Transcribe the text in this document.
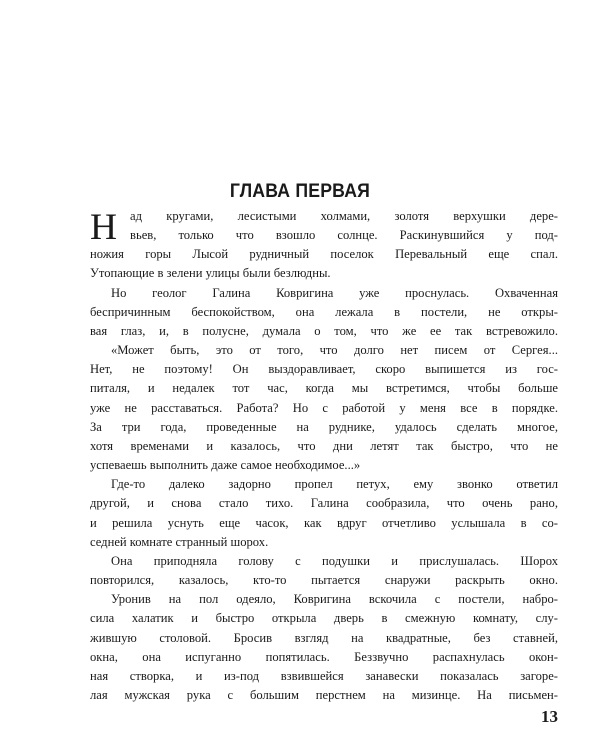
ГЛАВА ПЕРВАЯ
Н ад кругами, лесистыми холмами, золотя верхушки дере-
вьев, только что взошло солнце. Раскинувшийся у под-
ножия горы Лысой рудничный поселок Перевальный еще спал.
Утопающие в зелени улицы были безлюдны.
Но геолог Галина Ковригина уже проснулась. Охваченная
беспричинным беспокойством, она лежала в постели, не откры-
вая глаз, и, в полусне, думала о том, что же ее так встревожило.
«Может быть, это от того, что долго нет писем от Сергея...
Нет, не поэтому! Он выздоравливает, скоро выпишется из гос-
питаля, и недалек тот час, когда мы встретимся, чтобы больше
уже не расставаться. Работа? Но с работой у меня все в порядке.
За три года, проведенные на руднике, удалось сделать многое,
хотя временами и казалось, что дни летят так быстро, что не
успеваешь выполнить даже самое необходимое...»
Где-то далеко задорно пропел петух, ему звонко ответил
другой, и снова стало тихо. Галина сообразила, что очень рано,
и решила уснуть еще часок, как вдруг отчетливо услышала в со-
седней комнате странный шорох.
Она приподняла голову с подушки и прислушалась. Шорох
повторился, казалось, кто-то пытается снаружи раскрыть окно.
Уронив на пол одеяло, Ковригина вскочила с постели, набро-
сила халатик и быстро открыла дверь в смежную комнату, слу-
жившую столовой. Бросив взгляд на квадратные, без ставней,
окна, она испуганно попятилась. Беззвучно распахнулась окон-
ная створка, и из-под взвившейся занавески показалась загоре-
лая мужская рука с большим перстнем на мизинце. На письмен-
13
